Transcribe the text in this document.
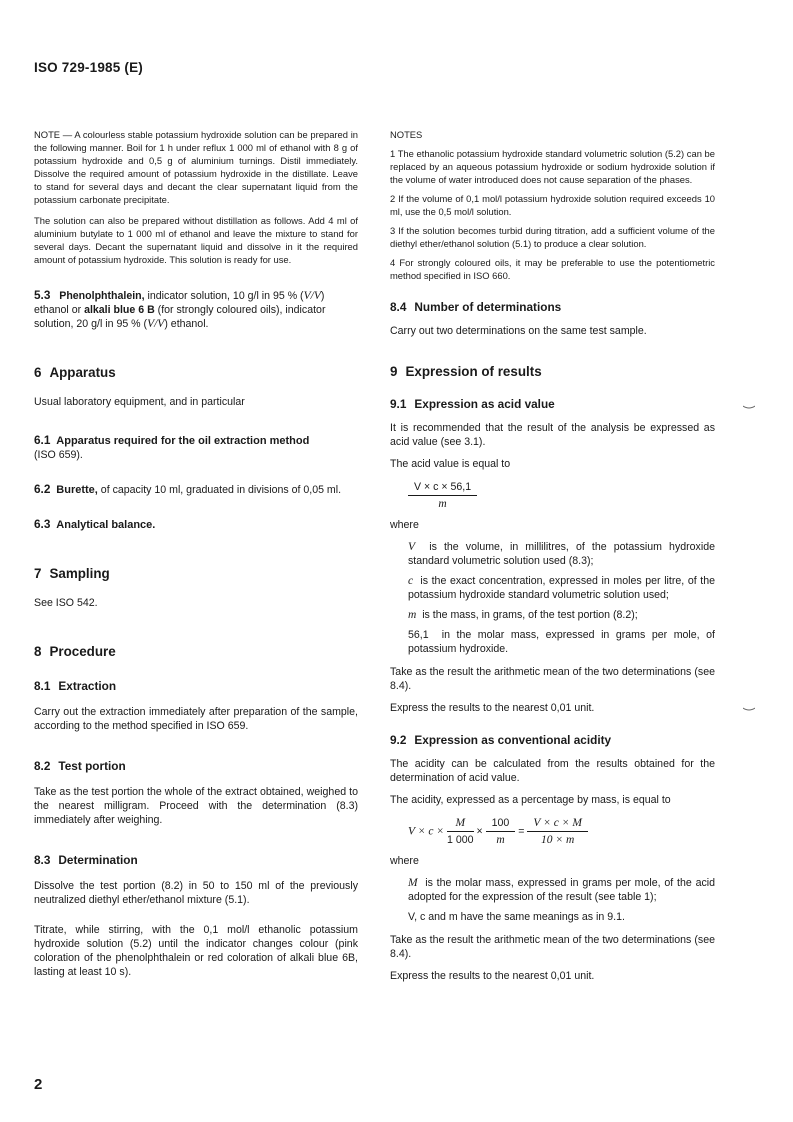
ISO 729-1985 (E)

NOTE — A colourless stable potassium hydroxide solution can be prepared in the following manner. Boil for 1 h under reflux 1 000 ml of ethanol with 8 g of potassium hydroxide and 0,5 g of aluminium turnings. Distil immediately. Dissolve the required amount of potassium hydroxide in the distillate. Leave to stand for several days and decant the clear supernatant liquid from the potassium carbonate precipitate.

The solution can also be prepared without distillation as follows. Add 4 ml of aluminium butylate to 1 000 ml of ethanol and leave the mixture to stand for several days. Decant the supernatant liquid and dissolve in it the required amount of potassium hydroxide. This solution is ready for use.

5.3 Phenolphthalein, indicator solution, 10 g/l in 95 % (V/V) ethanol or alkali blue 6 B (for strongly coloured oils), indicator solution, 20 g/l in 95 % (V/V) ethanol.

6 Apparatus

Usual laboratory equipment, and in particular

6.1 Apparatus required for the oil extraction method
(ISO 659).

6.2 Burette, of capacity 10 ml, graduated in divisions of 0,05 ml.

6.3 Analytical balance.

7 Sampling

See ISO 542.

8 Procedure

8.1 Extraction

Carry out the extraction immediately after preparation of the sample, according to the method specified in ISO 659.

8.2 Test portion

Take as the test portion the whole of the extract obtained, weighed to the nearest milligram. Proceed with the determination (8.3) immediately after weighing.

8.3 Determination

Dissolve the test portion (8.2) in 50 to 150 ml of the previously neutralized diethyl ether/ethanol mixture (5.1).

Titrate, while stirring, with the 0,1 mol/l ethanolic potassium hydroxide solution (5.2) until the indicator changes colour (pink coloration of the phenolphthalein or red coloration of alkali blue 6B, lasting at least 10 s).

NOTES

1 The ethanolic potassium hydroxide standard volumetric solution (5.2) can be replaced by an aqueous potassium hydroxide or sodium hydroxide solution if the volume of water introduced does not cause separation of the phases.

2 If the volume of 0,1 mol/l potassium hydroxide solution required exceeds 10 ml, use the 0,5 mol/l solution.

3 If the solution becomes turbid during titration, add a sufficient volume of the diethyl ether/ethanol solution (5.1) to produce a clear solution.

4 For strongly coloured oils, it may be preferable to use the potentiometric method specified in ISO 660.

8.4 Number of determinations

Carry out two determinations on the same test sample.

9 Expression of results

9.1 Expression as acid value

It is recommended that the result of the analysis be expressed as acid value (see 3.1).

The acid value is equal to

$\frac{V \times c \times 56,1}{m}$

where

V is the volume, in millilitres, of the potassium hydroxide standard volumetric solution used (8.3);

c is the exact concentration, expressed in moles per litre, of the potassium hydroxide standard volumetric solution used;

m is the mass, in grams, of the test portion (8.2);

56,1 in the molar mass, expressed in grams per mole, of potassium hydroxide.

Take as the result the arithmetic mean of the two determinations (see 8.4).

Express the results to the nearest 0,01 unit.

9.2 Expression as conventional acidity

The acidity can be calculated from the results obtained for the determination of acid value.

The acidity, expressed as a percentage by mass, is equal to

$V \times c \times \frac{M}{1 000} \times \frac{100}{m} = \frac{V \times c \times M}{10 \times m}$

where

M is the molar mass, expressed in grams per mole, of the acid adopted for the expression of the result (see table 1);

V, c and m have the same meanings as in 9.1.

Take as the result the arithmetic mean of the two determinations (see 8.4).

Express the results to the nearest 0,01 unit.

2
